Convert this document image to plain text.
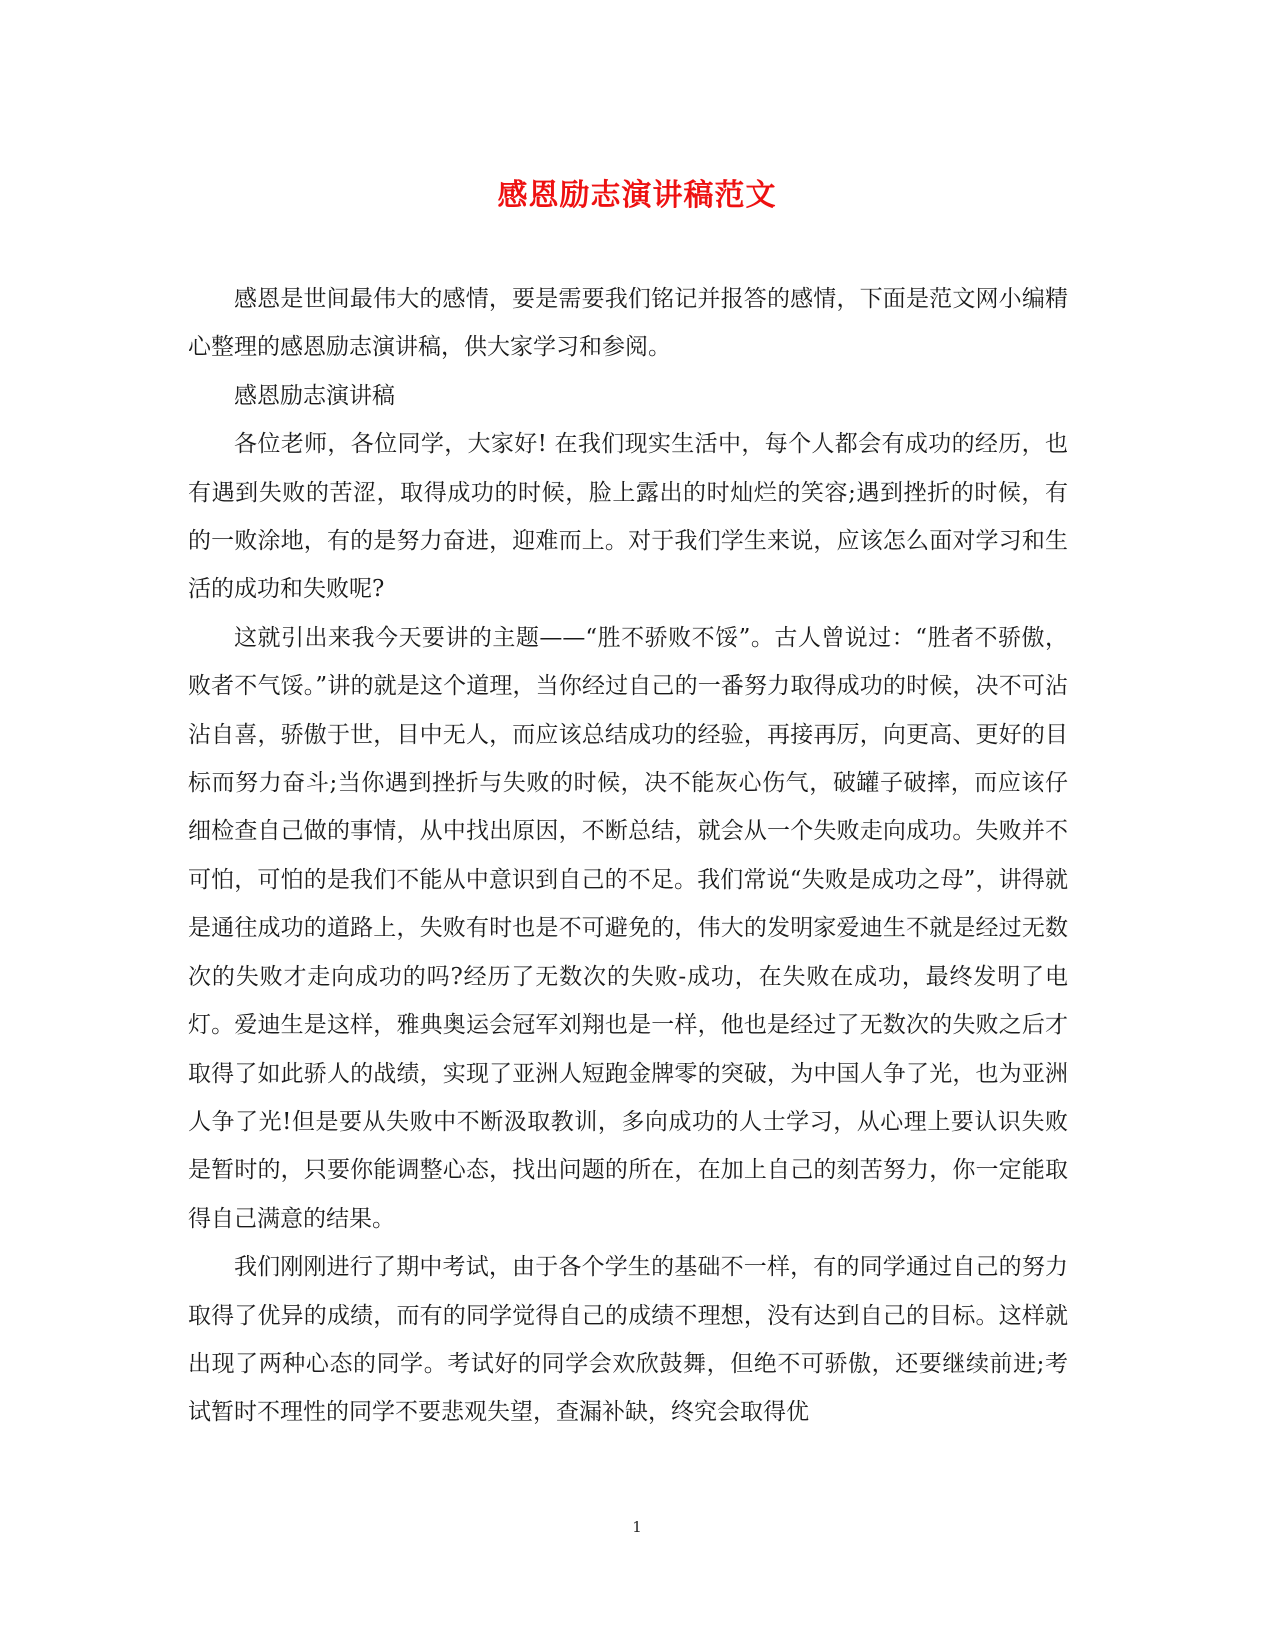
感恩励志演讲稿范文

感恩是世间最伟大的感情，要是需要我们铭记并报答的感情，下面是范文网小编精心整理的感恩励志演讲稿，供大家学习和参阅。

感恩励志演讲稿

各位老师，各位同学，大家好! 在我们现实生活中，每个人都会有成功的经历，也有遇到失败的苦涩，取得成功的时候，脸上露出的时灿烂的笑容;遇到挫折的时候，有的一败涂地，有的是努力奋进，迎难而上。对于我们学生来说，应该怎么面对学习和生活的成功和失败呢?

这就引出来我今天要讲的主题——“胜不骄败不馁”。古人曾说过：“胜者不骄傲，败者不气馁。”讲的就是这个道理，当你经过自己的一番努力取得成功的时候，决不可沾沾自喜，骄傲于世，目中无人，而应该总结成功的经验，再接再厉，向更高、更好的目标而努力奋斗;当你遇到挫折与失败的时候，决不能灰心伤气，破罐子破摔，而应该仔细检查自己做的事情，从中找出原因，不断总结，就会从一个失败走向成功。失败并不可怕，可怕的是我们不能从中意识到自己的不足。我们常说“失败是成功之母”，讲得就是通往成功的道路上，失败有时也是不可避免的，伟大的发明家爱迪生不就是经过无数次的失败才走向成功的吗?经历了无数次的失败-成功，在失败在成功，最终发明了电灯。爱迪生是这样，雅典奥运会冠军刘翔也是一样，他也是经过了无数次的失败之后才取得了如此骄人的战绩，实现了亚洲人短跑金牌零的突破，为中国人争了光，也为亚洲人争了光!但是要从失败中不断汲取教训，多向成功的人士学习，从心理上要认识失败是暂时的，只要你能调整心态，找出问题的所在，在加上自己的刻苦努力，你一定能取得自己满意的结果。

我们刚刚进行了期中考试，由于各个学生的基础不一样，有的同学通过自己的努力取得了优异的成绩，而有的同学觉得自己的成绩不理想，没有达到自己的目标。这样就出现了两种心态的同学。考试好的同学会欢欣鼓舞，但绝不可骄傲，还要继续前进;考试暂时不理性的同学不要悲观失望，查漏补缺，终究会取得优

1
